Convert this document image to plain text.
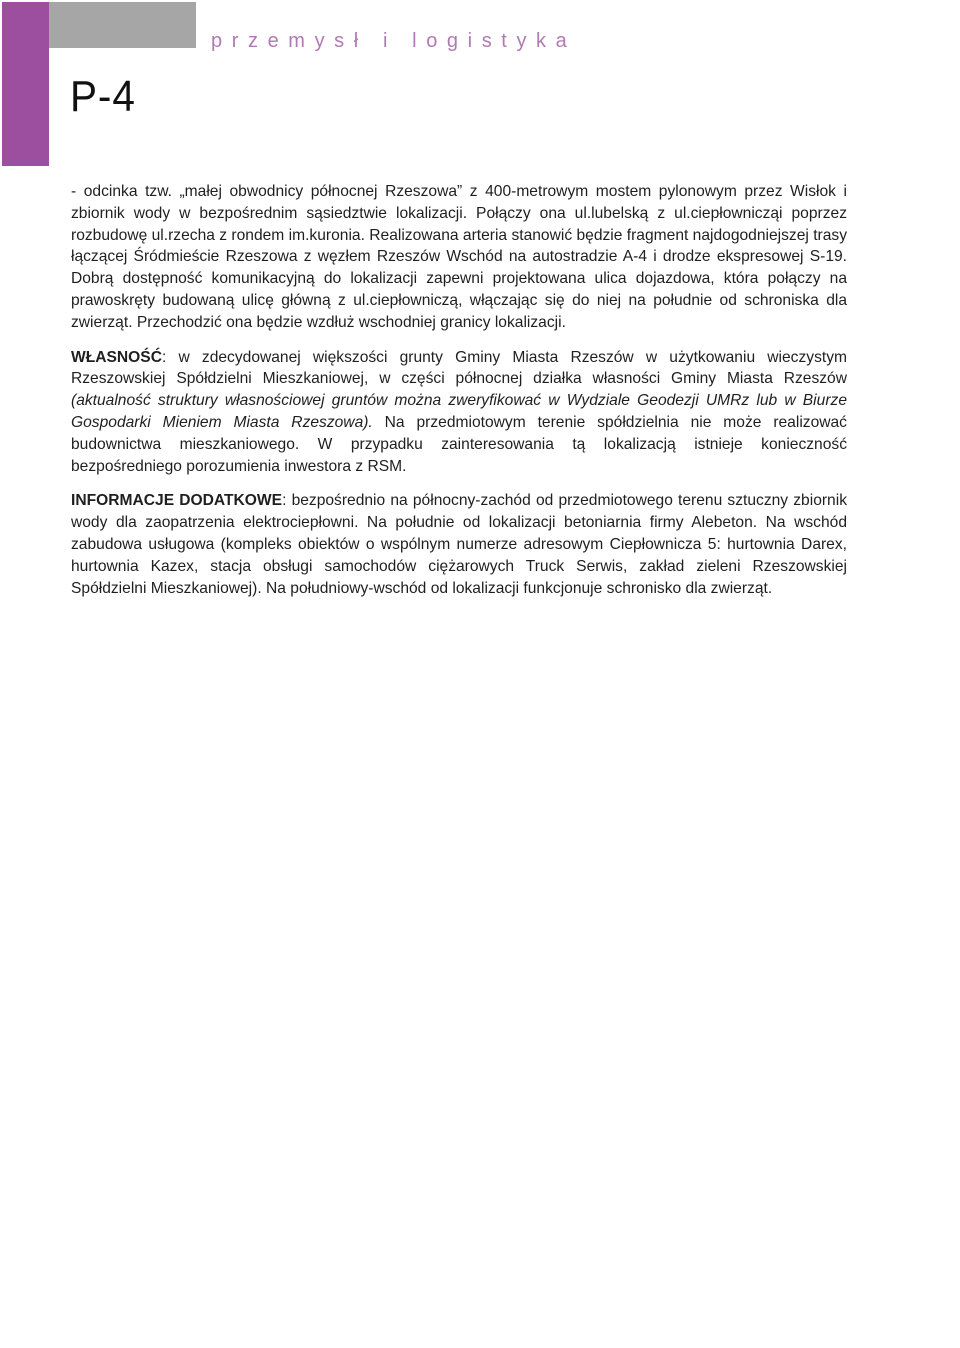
przemysł i logistyka
P-4

- odcinka tzw. „małej obwodnicy północnej Rzeszowa” z 400-metrowym mostem pylonowym przez Wisłok i zbiornik wody w bezpośrednim sąsiedztwie lokalizacji. Połączy ona ul.lubelską z ul.ciepłownicząi poprzez rozbudowę ul.rzecha z rondem im.kuronia. Realizowana arteria stanowić będzie fragment najdogodniejszej trasy łączącej Śródmieście Rzeszowa z węzłem Rzeszów Wschód na autostradzie A-4 i drodze ekspresowej S-19. Dobrą dostępność komunikacyjną do lokalizacji zapewni projektowana ulica dojazdowa, która połączy na prawoskręty budowaną ulicę główną z ul.ciepłowniczą, włączając się do niej na południe od schroniska dla zwierząt. Przechodzić ona będzie wzdłuż wschodniej granicy lokalizacji.

WŁASNOŚĆ: w zdecydowanej większości grunty Gminy Miasta Rzeszów w użytkowaniu wieczystym Rzeszowskiej Spółdzielni Mieszkaniowej, w części północnej działka własności Gminy Miasta Rzeszów (aktualność struktury własnościowej gruntów można zweryfikować w Wydziale Geodezji UMRz lub w Biurze Gospodarki Mieniem Miasta Rzeszowa). Na przedmiotowym terenie spółdzielnia nie może realizować budownictwa mieszkaniowego. W przypadku zainteresowania tą lokalizacją istnieje konieczność bezpośredniego porozumienia inwestora z RSM.

INFORMACJE DODATKOWE: bezpośrednio na północny-zachód od przedmiotowego terenu sztuczny zbiornik wody dla zaopatrzenia elektrociepłowni. Na południe od lokalizacji betoniarnia firmy Alebeton. Na wschód zabudowa usługowa (kompleks obiektów o wspólnym numerze adresowym Ciepłownicza 5: hurtownia Darex, hurtownia Kazex, stacja obsługi samochodów ciężarowych Truck Serwis, zakład zieleni Rzeszowskiej Spółdzielni Mieszkaniowej). Na południowy-wschód od lokalizacji funkcjonuje schronisko dla zwierząt.
